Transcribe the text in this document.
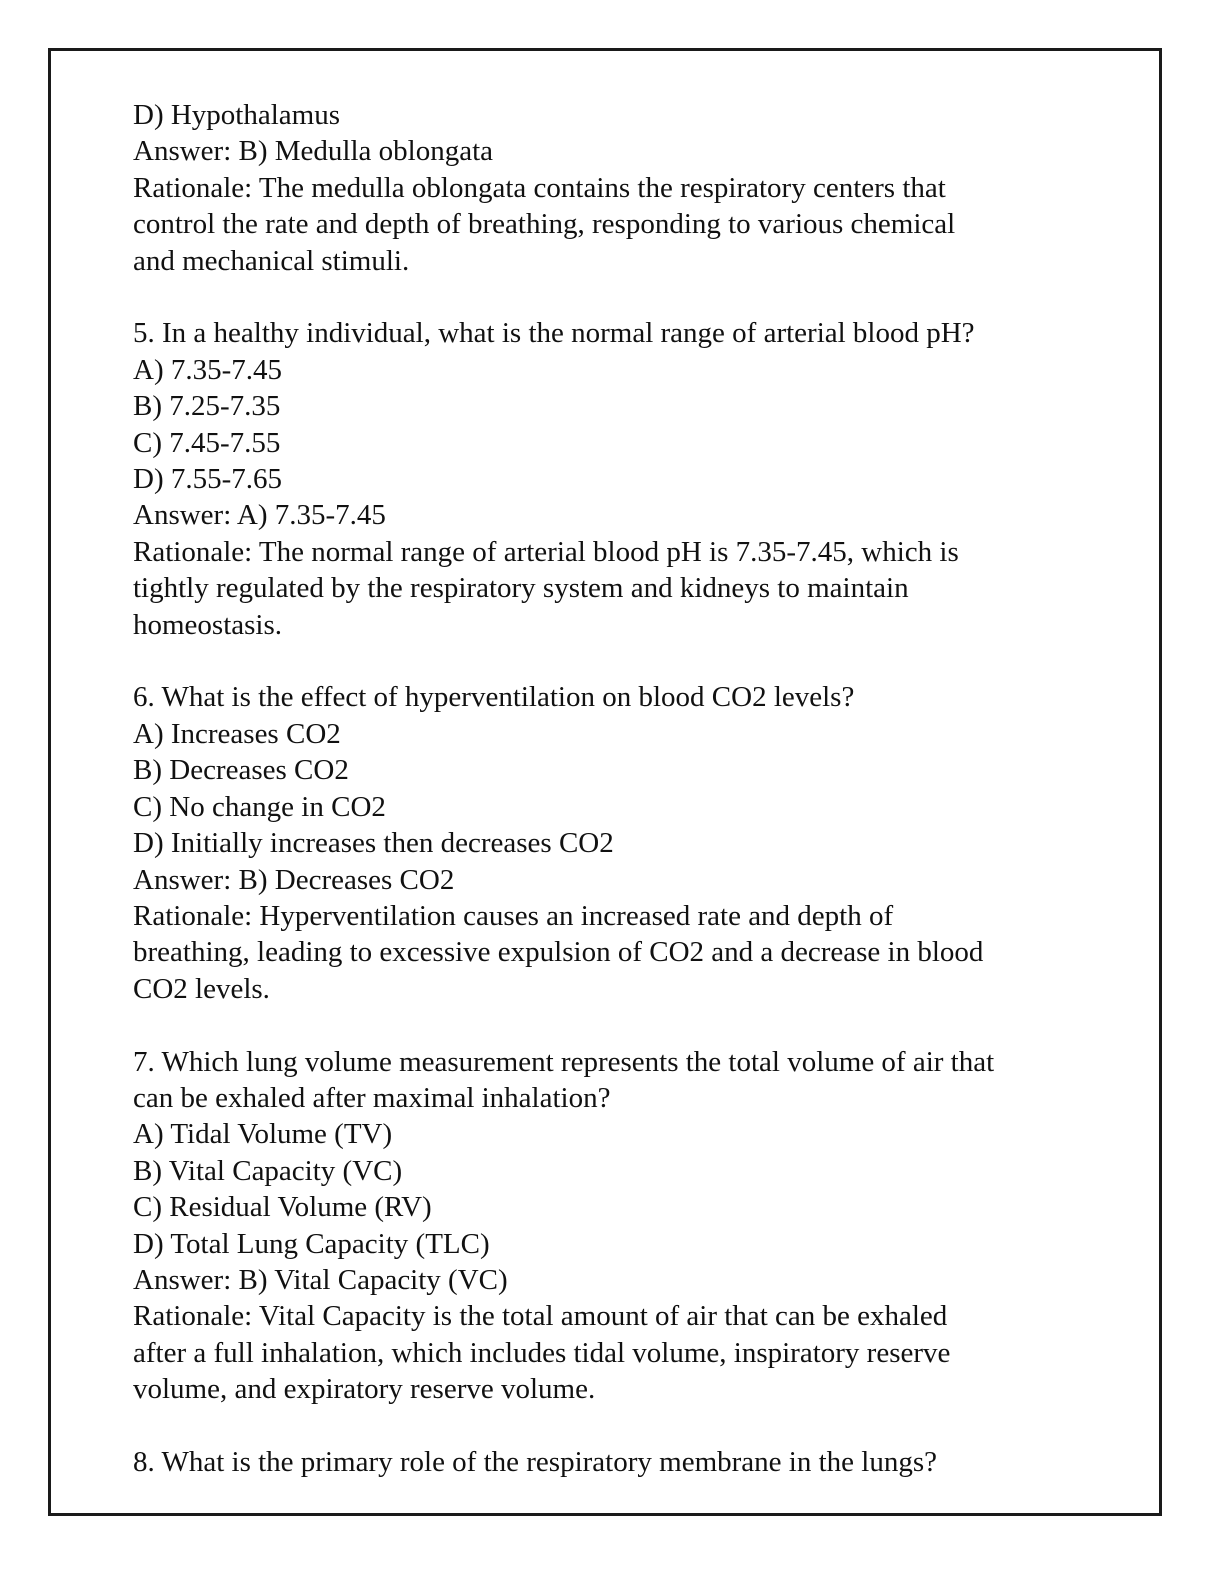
D) Hypothalamus
Answer: B) Medulla oblongata
Rationale: The medulla oblongata contains the respiratory centers that
control the rate and depth of breathing, responding to various chemical
and mechanical stimuli.
5. In a healthy individual, what is the normal range of arterial blood pH?
A) 7.35-7.45
B) 7.25-7.35
C) 7.45-7.55
D) 7.55-7.65
Answer: A) 7.35-7.45
Rationale: The normal range of arterial blood pH is 7.35-7.45, which is
tightly regulated by the respiratory system and kidneys to maintain
homeostasis.
6. What is the effect of hyperventilation on blood CO2 levels?
A) Increases CO2
B) Decreases CO2
C) No change in CO2
D) Initially increases then decreases CO2
Answer: B) Decreases CO2
Rationale: Hyperventilation causes an increased rate and depth of
breathing, leading to excessive expulsion of CO2 and a decrease in blood
CO2 levels.
7. Which lung volume measurement represents the total volume of air that
can be exhaled after maximal inhalation?
A) Tidal Volume (TV)
B) Vital Capacity (VC)
C) Residual Volume (RV)
D) Total Lung Capacity (TLC)
Answer: B) Vital Capacity (VC)
Rationale: Vital Capacity is the total amount of air that can be exhaled
after a full inhalation, which includes tidal volume, inspiratory reserve
volume, and expiratory reserve volume.
8. What is the primary role of the respiratory membrane in the lungs?
